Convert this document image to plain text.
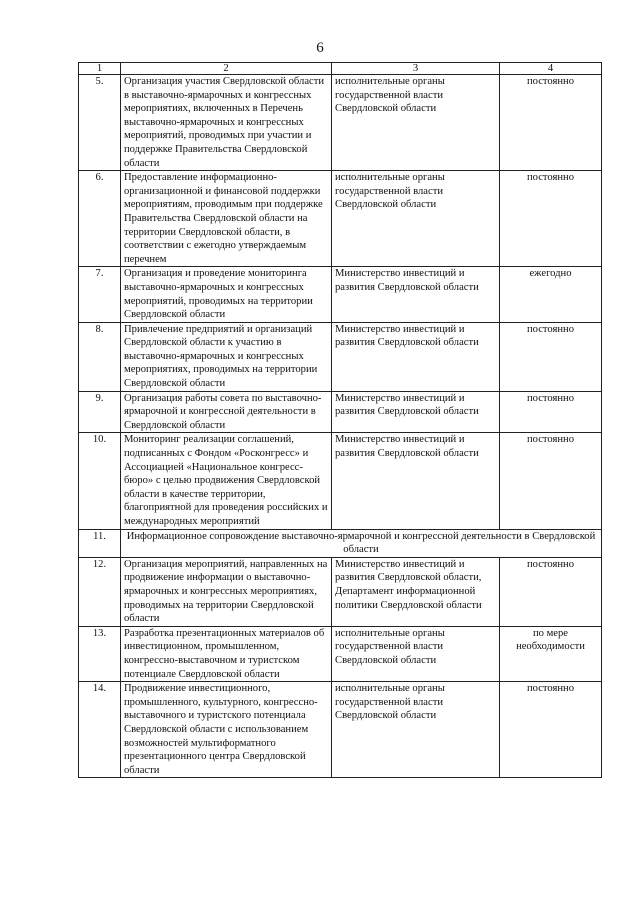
6
1	2	3	4
5.	Организация участия Свердловской области в выставочно-ярмарочных и конгрессных мероприятиях, включенных в Перечень выставочно-ярмарочных и конгрессных мероприятий, проводимых при участии и поддержке Правительства Свердловской области	исполнительные органы государственной власти Свердловской области	постоянно
6.	Предоставление информационно-организационной и финансовой поддержки мероприятиям, проводимым при поддержке Правительства Свердловской области на территории Свердловской области, в соответствии с ежегодно утверждаемым перечнем	исполнительные органы государственной власти Свердловской области	постоянно
7.	Организация и проведение мониторинга выставочно-ярмарочных и конгрессных мероприятий, проводимых на территории Свердловской области	Министерство инвестиций и развития Свердловской области	ежегодно
8.	Привлечение предприятий и организаций Свердловской области к участию в выставочно-ярмарочных и конгрессных мероприятиях, проводимых на территории Свердловской области	Министерство инвестиций и развития Свердловской области	постоянно
9.	Организация работы совета по выставочно-ярмарочной и конгрессной деятельности в Свердловской области	Министерство инвестиций и развития Свердловской области	постоянно
10.	Мониторинг реализации соглашений, подписанных с Фондом «Росконгресс» и Ассоциацией «Национальное конгресс-бюро» с целью продвижения Свердловской области в качестве территории, благоприятной для проведения российских и международных мероприятий	Министерство инвестиций и развития Свердловской области	постоянно
11.	Информационное сопровождение выставочно-ярмарочной и конгрессной деятельности в Свердловской области		
12.	Организация мероприятий, направленных на продвижение информации о выставочно-ярмарочных и конгрессных мероприятиях, проводимых на территории Свердловской области	Министерство инвестиций и развития Свердловской области, Департамент информационной политики Свердловской области	постоянно
13.	Разработка презентационных материалов об инвестиционном, промышленном, конгрессно-выставочном и туристском потенциале Свердловской области	исполнительные органы государственной власти Свердловской области	по мере необходимости
14.	Продвижение инвестиционного, промышленного, культурного, конгрессно-выставочного и туристского потенциала Свердловской области с использованием возможностей мультиформатного презентационного центра Свердловской области	исполнительные органы государственной власти Свердловской области	постоянно
